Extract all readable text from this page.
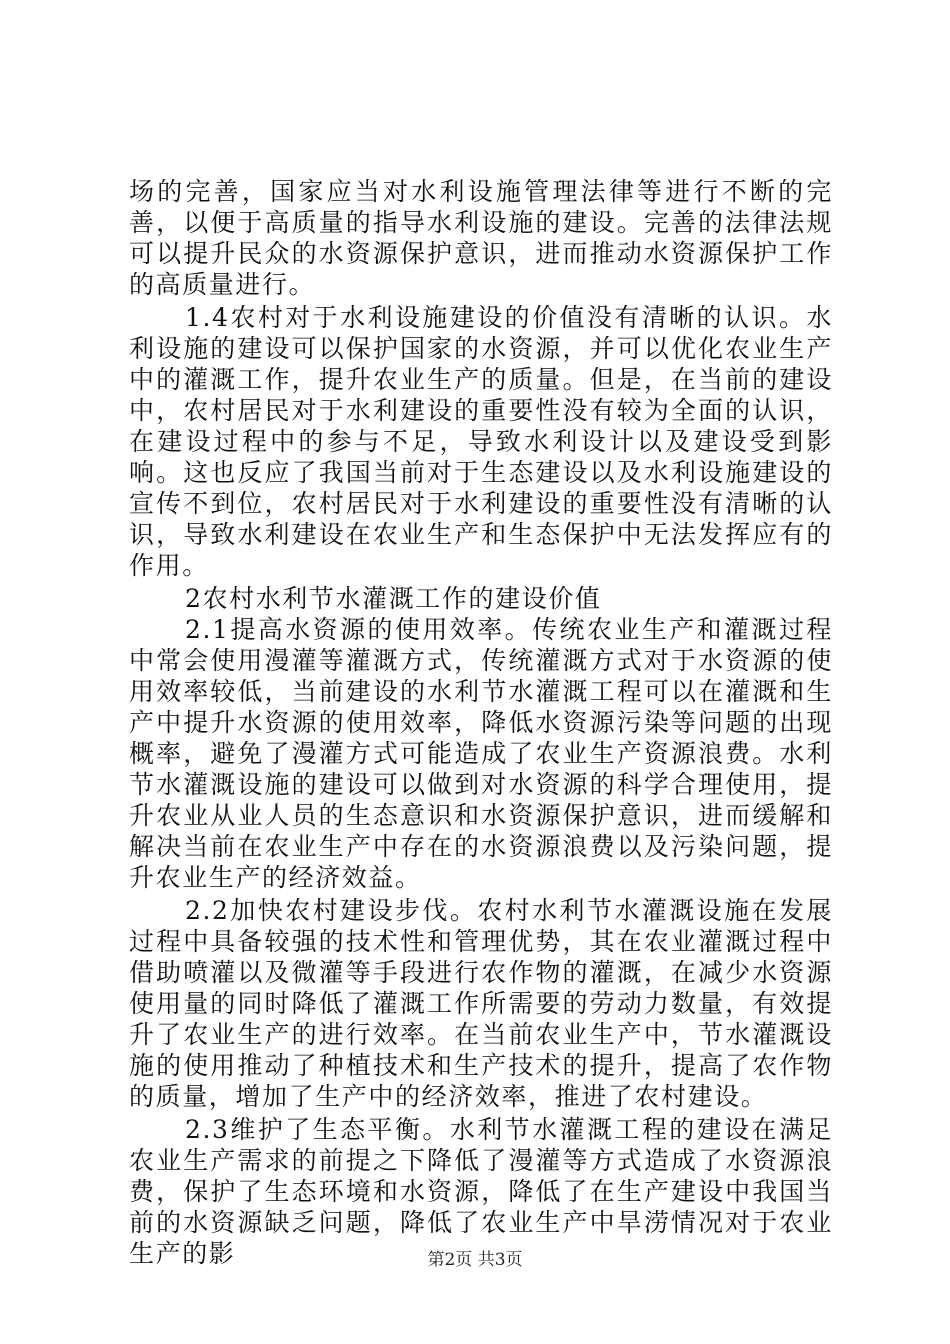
场的完善，国家应当对水利设施管理法律等进行不断的完善，以便于高质量的指导水利设施的建设。完善的法律法规可以提升民众的水资源保护意识，进而推动水资源保护工作的高质量进行。

1.4农村对于水利设施建设的价值没有清晰的认识。水利设施的建设可以保护国家的水资源，并可以优化农业生产中的灌溉工作，提升农业生产的质量。但是，在当前的建设中，农村居民对于水利建设的重要性没有较为全面的认识，在建设过程中的参与不足，导致水利设计以及建设受到影响。这也反应了我国当前对于生态建设以及水利设施建设的宣传不到位，农村居民对于水利建设的重要性没有清晰的认识，导致水利建设在农业生产和生态保护中无法发挥应有的作用。

2农村水利节水灌溉工作的建设价值

2.1提高水资源的使用效率。传统农业生产和灌溉过程中常会使用漫灌等灌溉方式，传统灌溉方式对于水资源的使用效率较低，当前建设的水利节水灌溉工程可以在灌溉和生产中提升水资源的使用效率，降低水资源污染等问题的出现概率，避免了漫灌方式可能造成了农业生产资源浪费。水利节水灌溉设施的建设可以做到对水资源的科学合理使用，提升农业从业人员的生态意识和水资源保护意识，进而缓解和解决当前在农业生产中存在的水资源浪费以及污染问题，提升农业生产的经济效益。

2.2加快农村建设步伐。农村水利节水灌溉设施在发展过程中具备较强的技术性和管理优势，其在农业灌溉过程中借助喷灌以及微灌等手段进行农作物的灌溉，在减少水资源使用量的同时降低了灌溉工作所需要的劳动力数量，有效提升了农业生产的进行效率。在当前农业生产中，节水灌溉设施的使用推动了种植技术和生产技术的提升，提高了农作物的质量，增加了生产中的经济效率，推进了农村建设。

2.3维护了生态平衡。水利节水灌溉工程的建设在满足农业生产需求的前提之下降低了漫灌等方式造成了水资源浪费，保护了生态环境和水资源，降低了在生产建设中我国当前的水资源缺乏问题，降低了农业生产中旱涝情况对于农业生产的影	第2页 共3页
